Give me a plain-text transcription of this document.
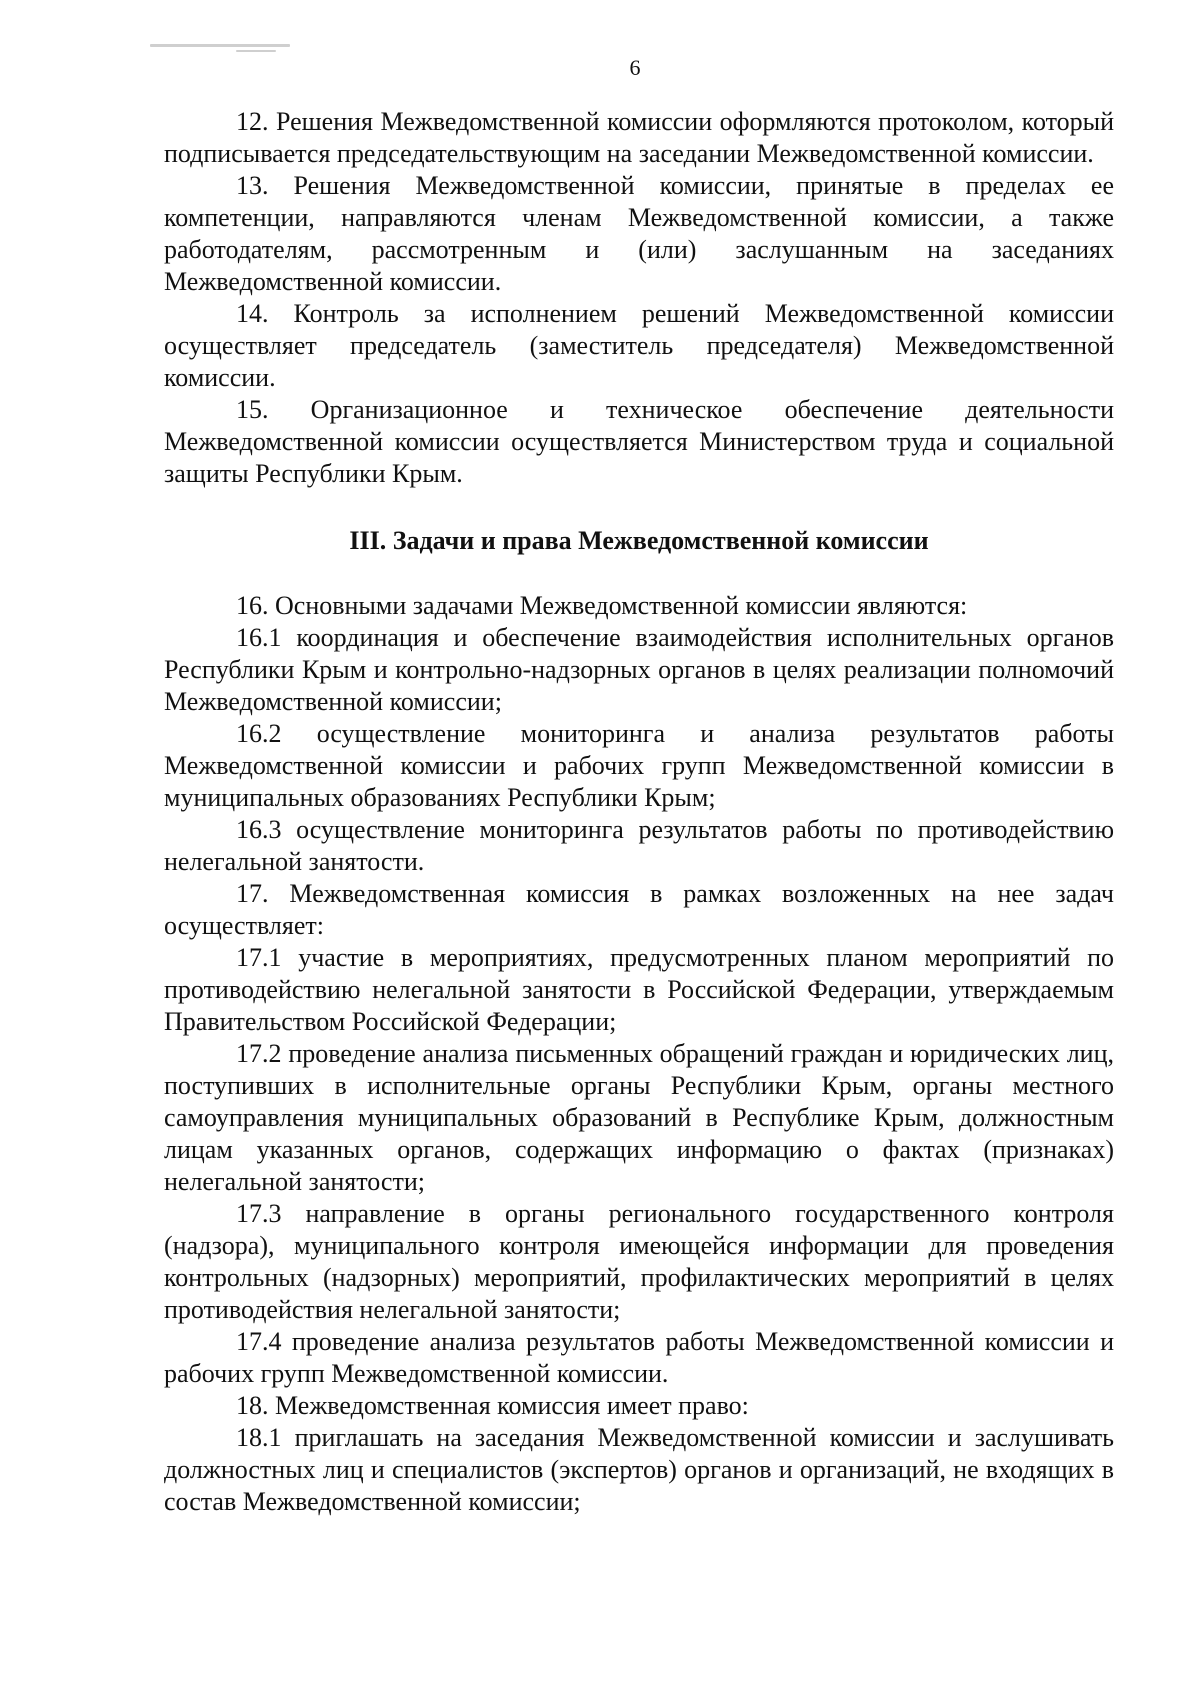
6

12. Решения Межведомственной комиссии оформляются протоколом, который подписывается председательствующим на заседании Межведомственной комиссии.

13. Решения Межведомственной комиссии, принятые в пределах ее компетенции, направляются членам Межведомственной комиссии, а также работодателям, рассмотренным и (или) заслушанным на заседаниях Межведомственной комиссии.

14. Контроль за исполнением решений Межведомственной комиссии осуществляет председатель (заместитель председателя) Межведомственной комиссии.

15. Организационное и техническое обеспечение деятельности Межведомственной комиссии осуществляется Министерством труда и социальной защиты Республики Крым.

III. Задачи и права Межведомственной комиссии

16. Основными задачами Межведомственной комиссии являются:

16.1 координация и обеспечение взаимодействия исполнительных органов Республики Крым и контрольно-надзорных органов в целях реализации полномочий Межведомственной комиссии;

16.2 осуществление мониторинга и анализа результатов работы Межведомственной комиссии и рабочих групп Межведомственной комиссии в муниципальных образованиях Республики Крым;

16.3 осуществление мониторинга результатов работы по противодействию нелегальной занятости.

17. Межведомственная комиссия в рамках возложенных на нее задач осуществляет:

17.1 участие в мероприятиях, предусмотренных планом мероприятий по противодействию нелегальной занятости в Российской Федерации, утверждаемым Правительством Российской Федерации;

17.2 проведение анализа письменных обращений граждан и юридических лиц, поступивших в исполнительные органы Республики Крым, органы местного самоуправления муниципальных образований в Республике Крым, должностным лицам указанных органов, содержащих информацию о фактах (признаках) нелегальной занятости;

17.3 направление в органы регионального государственного контроля (надзора), муниципального контроля имеющейся информации для проведения контрольных (надзорных) мероприятий, профилактических мероприятий в целях противодействия нелегальной занятости;

17.4 проведение анализа результатов работы Межведомственной комиссии и рабочих групп Межведомственной комиссии.

18. Межведомственная комиссия имеет право:

18.1 приглашать на заседания Межведомственной комиссии и заслушивать должностных лиц и специалистов (экспертов) органов и организаций, не входящих в состав Межведомственной комиссии;
